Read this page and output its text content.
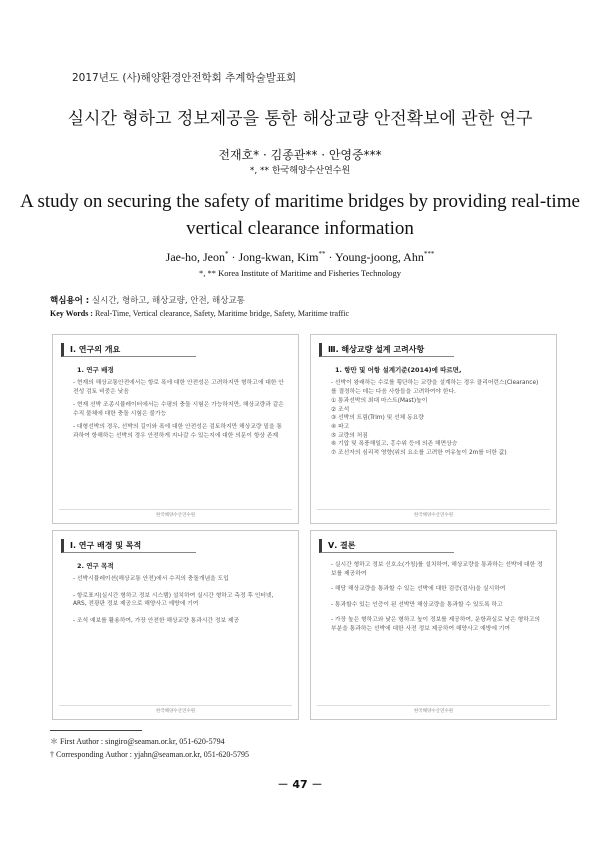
2017년도 (사)해양환경안전학회 추계학술발표회
실시간 형하고 정보제공을 통한 해상교량 안전확보에 관한 연구
전재호* · 김종관** · 안영중***
*, ** 한국해양수산연수원
A study on securing the safety of maritime bridges by providing real-time
vertical clearance information
Jae-ho, Jeon* · Jong-kwan, Kim** · Young-joong, Ahn***
*, ** Korea Institute of Maritime and Fisheries Technology
핵심용어 : 실시간, 형하고, 해상교량, 안전, 해상교통
Key Words : Real-Time, Vertical clearance, Safety, Maritime bridge, Safety, Maritime traffic
Ⅰ. 연구의 개요
1. 연구 배경
- 현재의 해상교통안전에서는 항로 폭에 대한 안전성은 고려하지만 형하고에 대한 안전성 검토 비중은 낮음
- 현재 선박 조종시뮬레이터에서는 수평의 충돌 시험은 가능하지만, 해상교량과 같은 수직 물체에 대한 충돌 시험은 불가능
- 대형선박의 경우, 선박의 길이와 폭에 대한 안전성은 검토하지만 해상교량 밑을 통과하여 항해하는 선박의 경우 안전하게 지나갈 수 있는지에 대한 의문이 항상 존재
한국해양수산연수원
Ⅲ. 해상교량 설계 고려사항
1. 항만 및 어항 설계기준(2014)에 따르면,
- 선박이 왕래하는 수로를 횡단하는 교량을 설계하는 경우 클리어런스(Clearance)를 결정하는 데는 다음 사항들을 고려하여야 한다.
① 통과선박의 최대 마스트(Mast)높이
② 조석
③ 선박의 트림(Trim) 및 선체 동요량
④ 파고
⑤ 교량의 처짐
⑥ 기압 및 폭풍해일고, 홍수위 등에 의존 해면상승
⑦ 조선자의 심리적 영향(위의 요소를 고려한 여유높이 2m를 더한 값)
한국해양수산연수원
Ⅰ. 연구 배경 및 목적
2. 연구 목적
- 선박시뮬레이션(해상교통 안전)에서 수직의 충돌개념을 도입
- 항로표지(실시간 형하고 정보 시스템) 설치하여 실시간 형하고 측정 후 인터넷, ARS, 전광판 정보 제공으로 해양사고 예방에 기여
- 조석 예보를 활용하여, 가장 안전한 해상교량 통과시간 정보 제공
한국해양수산연수원
Ⅴ. 결론
- 실시간 형하고 정보 신호소(가칭)를 설치하여, 해상교량을 통과하는 선박에 대한 정보를 제공하여
- 해당 해상교량을 통과할 수 있는 선박에 대한 검증(검사)을 실시하여
- 통과할수 있는 인증이 된 선박만 해상교량을 통과할 수 있도록 하고
- 가장 높은 형하고와 낮은 형하고 높이 정보를 제공하여, 운항과실로 낮은 형하고의 부분을 통과하는 선박에 대한 사전 정보 제공하여 해양사고 예방에 기여
한국해양수산연수원
＊ First Author : singiro@seaman.or.kr, 051-620-5794
† Corresponding Author : yjahn@seaman.or.kr, 051-620-5795
－ 47 －
